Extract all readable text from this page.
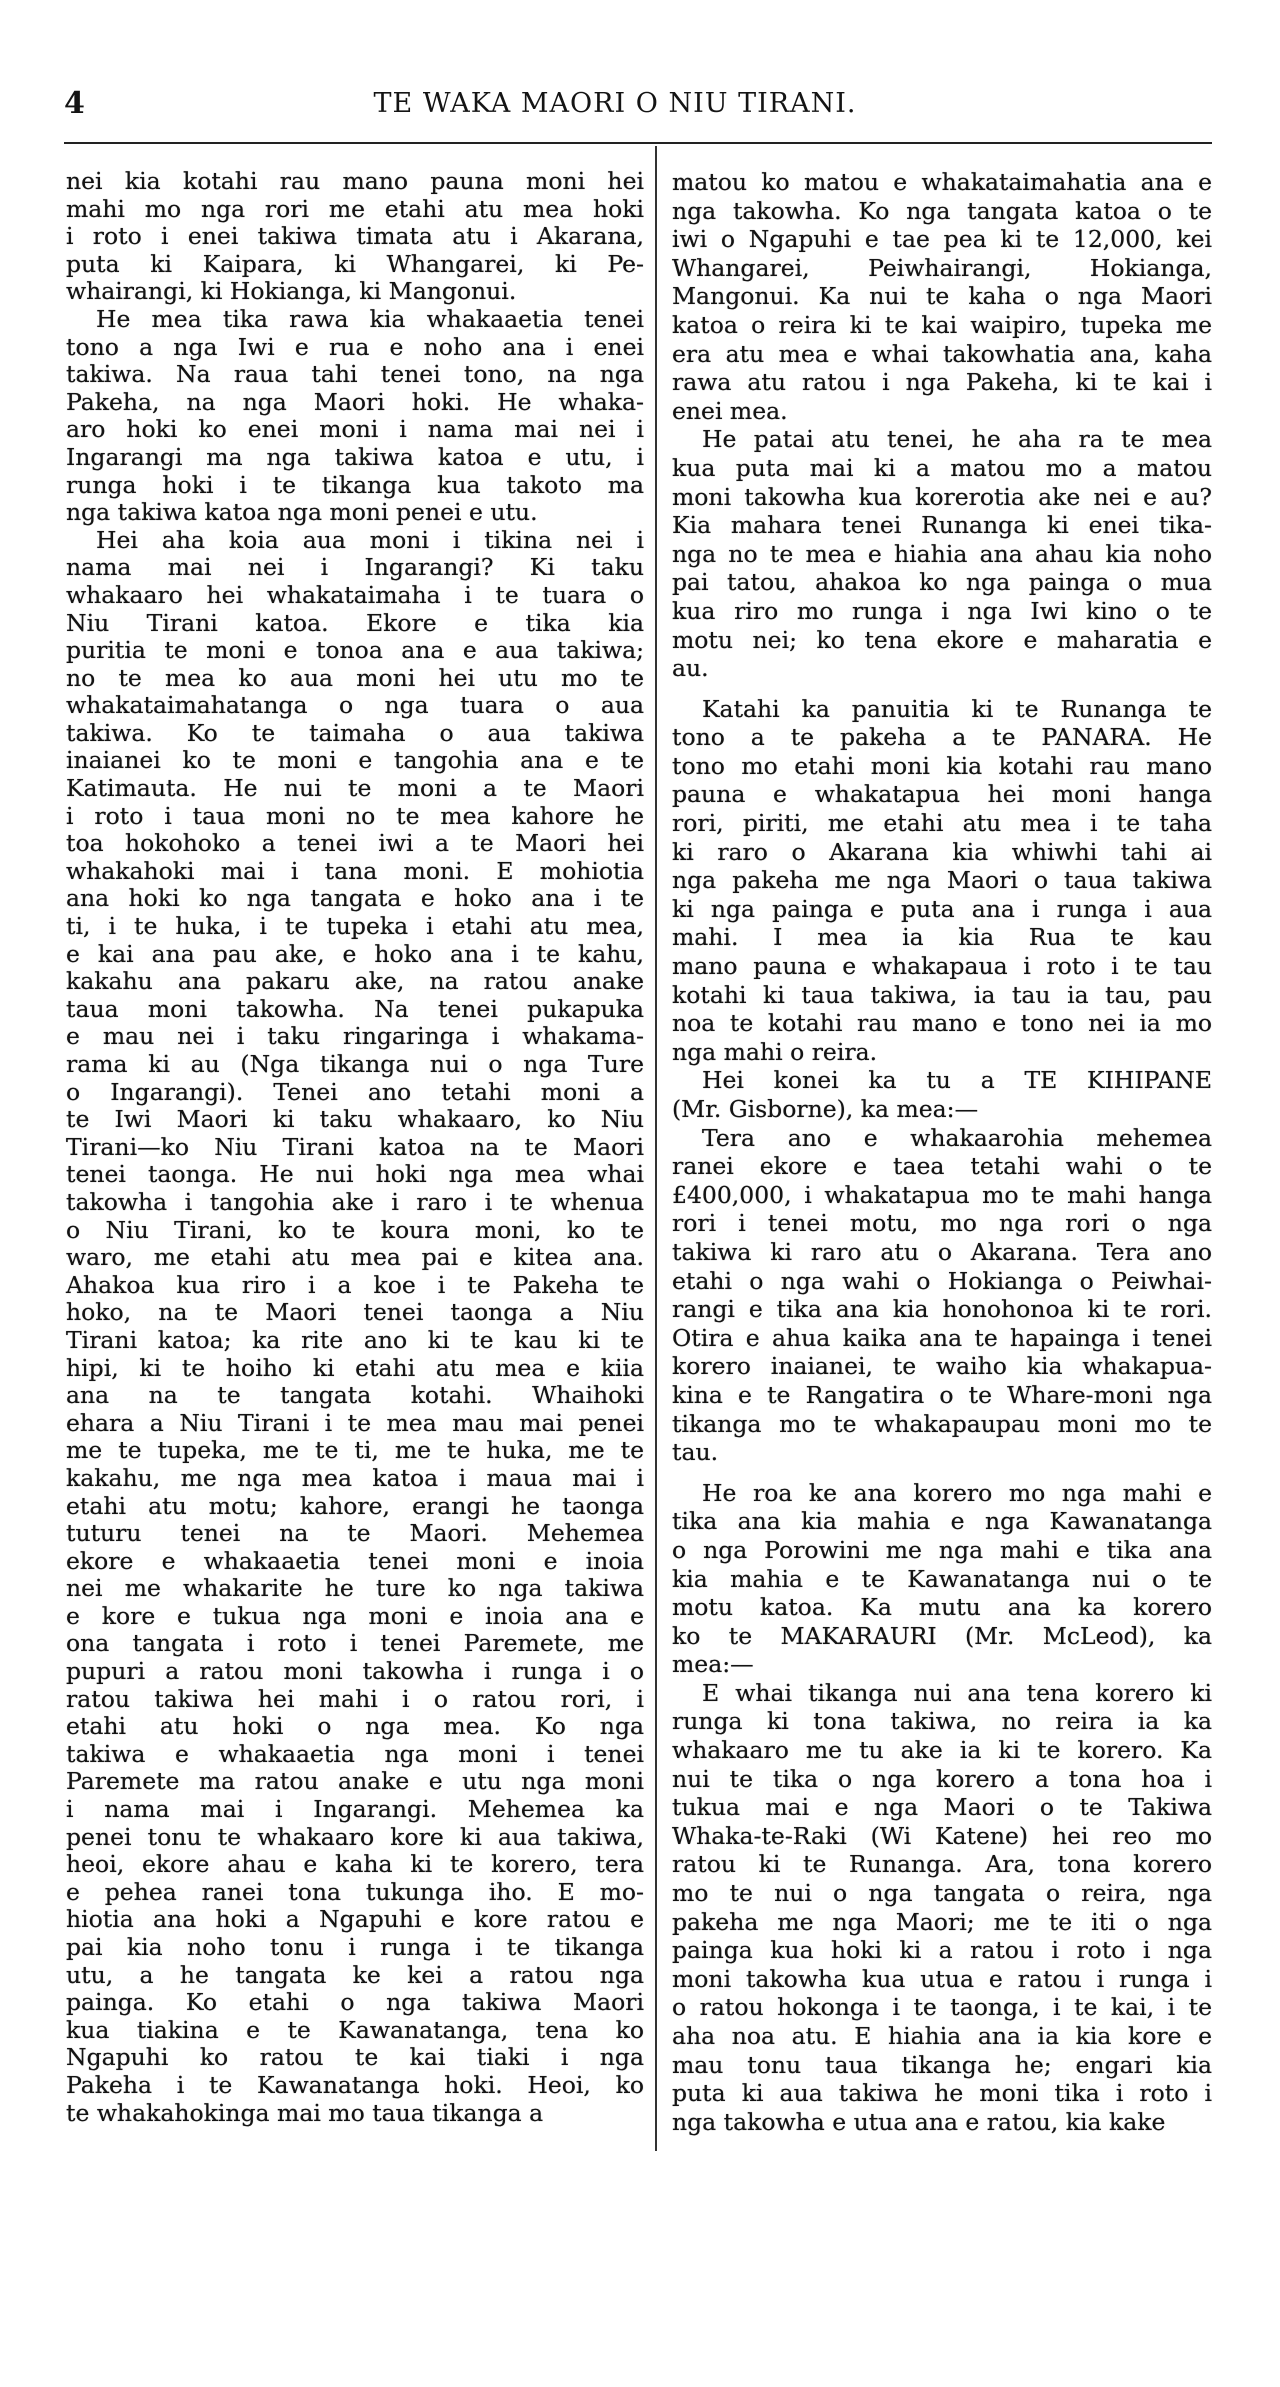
4	TE WAKA MAORI O NIU TIRANI.
nei kia kotahi rau mano pauna moni hei
mahi mo nga rori me etahi atu mea hoki
i roto i enei takiwa timata atu i Akarana,
puta ki Kaipara, ki Whangarei, ki Pe-
whairangi, ki Hokianga, ki Mangonui.
He mea tika rawa kia whakaaetia tenei
tono a nga Iwi e rua e noho ana i enei
takiwa. Na raua tahi tenei tono, na nga
Pakeha, na nga Maori hoki. He whaka-
aro hoki ko enei moni i nama mai nei i
Ingarangi ma nga takiwa katoa e utu, i
runga hoki i te tikanga kua takoto ma
nga takiwa katoa nga moni penei e utu.
Hei aha koia aua moni i tikina nei i
nama mai nei i Ingarangi? Ki taku
whakaaro hei whakataimaha i te tuara o
Niu Tirani katoa. Ekore e tika kia
puritia te moni e tonoa ana e aua takiwa;
no te mea ko aua moni hei utu mo te
whakataimahatanga o nga tuara o aua
takiwa. Ko te taimaha o aua takiwa
inaianei ko te moni e tangohia ana e te
Katimauta. He nui te moni a te Maori
i roto i taua moni no te mea kahore he
toa hokohoko a tenei iwi a te Maori hei
whakahoki mai i tana moni. E mohiotia
ana hoki ko nga tangata e hoko ana i te
ti, i te huka, i te tupeka i etahi atu mea,
e kai ana pau ake, e hoko ana i te kahu,
kakahu ana pakaru ake, na ratou anake
taua moni takowha. Na tenei pukapuka
e mau nei i taku ringaringa i whakama-
rama ki au (Nga tikanga nui o nga Ture
o Ingarangi). Tenei ano tetahi moni a
te Iwi Maori ki taku whakaaro, ko Niu
Tirani—ko Niu Tirani katoa na te Maori
tenei taonga. He nui hoki nga mea whai
takowha i tangohia ake i raro i te whenua
o Niu Tirani, ko te koura moni, ko te
waro, me etahi atu mea pai e kitea ana.
Ahakoa kua riro i a koe i te Pakeha te
hoko, na te Maori tenei taonga a Niu
Tirani katoa; ka rite ano ki te kau ki te
hipi, ki te hoiho ki etahi atu mea e kiia
ana na te tangata kotahi. Whaihoki
ehara a Niu Tirani i te mea mau mai penei
me te tupeka, me te ti, me te huka, me te
kakahu, me nga mea katoa i maua mai i
etahi atu motu; kahore, erangi he taonga
tuturu tenei na te Maori. Mehemea
ekore e whakaaetia tenei moni e inoia
nei me whakarite he ture ko nga takiwa
e kore e tukua nga moni e inoia ana e
ona tangata i roto i tenei Paremete, me
pupuri a ratou moni takowha i runga i o
ratou takiwa hei mahi i o ratou rori, i
etahi atu hoki o nga mea. Ko nga
takiwa e whakaaetia nga moni i tenei
Paremete ma ratou anake e utu nga moni
i nama mai i Ingarangi. Mehemea ka
penei tonu te whakaaro kore ki aua takiwa,
heoi, ekore ahau e kaha ki te korero, tera
e pehea ranei tona tukunga iho. E mo-
hiotia ana hoki a Ngapuhi e kore ratou e
pai kia noho tonu i runga i te tikanga
utu, a he tangata ke kei a ratou nga
painga. Ko etahi o nga takiwa Maori
kua tiakina e te Kawanatanga, tena ko
Ngapuhi ko ratou te kai tiaki i nga
Pakeha i te Kawanatanga hoki. Heoi, ko
te whakahokinga mai mo taua tikanga a
matou ko matou e whakataimahatia ana e
nga takowha. Ko nga tangata katoa o te
iwi o Ngapuhi e tae pea ki te 12,000, kei
Whangarei, Peiwhairangi, Hokianga,
Mangonui. Ka nui te kaha o nga Maori
katoa o reira ki te kai waipiro, tupeka me
era atu mea e whai takowhatia ana, kaha
rawa atu ratou i nga Pakeha, ki te kai i
enei mea.
He patai atu tenei, he aha ra te mea
kua puta mai ki a matou mo a matou
moni takowha kua korerotia ake nei e au?
Kia mahara tenei Runanga ki enei tika-
nga no te mea e hiahia ana ahau kia noho
pai tatou, ahakoa ko nga painga o mua
kua riro mo runga i nga Iwi kino o te
motu nei; ko tena ekore e maharatia e
au.
Katahi ka panuitia ki te Runanga te
tono a te pakeha a te PANARA. He
tono mo etahi moni kia kotahi rau mano
pauna e whakatapua hei moni hanga
rori, piriti, me etahi atu mea i te taha
ki raro o Akarana kia whiwhi tahi ai
nga pakeha me nga Maori o taua takiwa
ki nga painga e puta ana i runga i aua
mahi. I mea ia kia Rua te kau
mano pauna e whakapaua i roto i te tau
kotahi ki taua takiwa, ia tau ia tau, pau
noa te kotahi rau mano e tono nei ia mo
nga mahi o reira.
Hei konei ka tu a TE KIHIPANE
(Mr. Gisborne), ka mea:—
Tera ano e whakaarohia mehemea
ranei ekore e taea tetahi wahi o te
£400,000, i whakatapua mo te mahi hanga
rori i tenei motu, mo nga rori o nga
takiwa ki raro atu o Akarana. Tera ano
etahi o nga wahi o Hokianga o Peiwhai-
rangi e tika ana kia honohonoa ki te rori.
Otira e ahua kaika ana te hapainga i tenei
korero inaianei, te waiho kia whakapua-
kina e te Rangatira o te Whare-moni nga
tikanga mo te whakapaupau moni mo te
tau.
He roa ke ana korero mo nga mahi e
tika ana kia mahia e nga Kawanatanga
o nga Porowini me nga mahi e tika ana
kia mahia e te Kawanatanga nui o te
motu katoa. Ka mutu ana ka korero
ko te MAKARAURI (Mr. McLeod), ka
mea:—
E whai tikanga nui ana tena korero ki
runga ki tona takiwa, no reira ia ka
whakaaro me tu ake ia ki te korero. Ka
nui te tika o nga korero a tona hoa i
tukua mai e nga Maori o te Takiwa
Whaka-te-Raki (Wi Katene) hei reo mo
ratou ki te Runanga. Ara, tona korero
mo te nui o nga tangata o reira, nga
pakeha me nga Maori; me te iti o nga
painga kua hoki ki a ratou i roto i nga
moni takowha kua utua e ratou i runga i
o ratou hokonga i te taonga, i te kai, i te
aha noa atu. E hiahia ana ia kia kore e
mau tonu taua tikanga he; engari kia
puta ki aua takiwa he moni tika i roto i
nga takowha e utua ana e ratou, kia kake
